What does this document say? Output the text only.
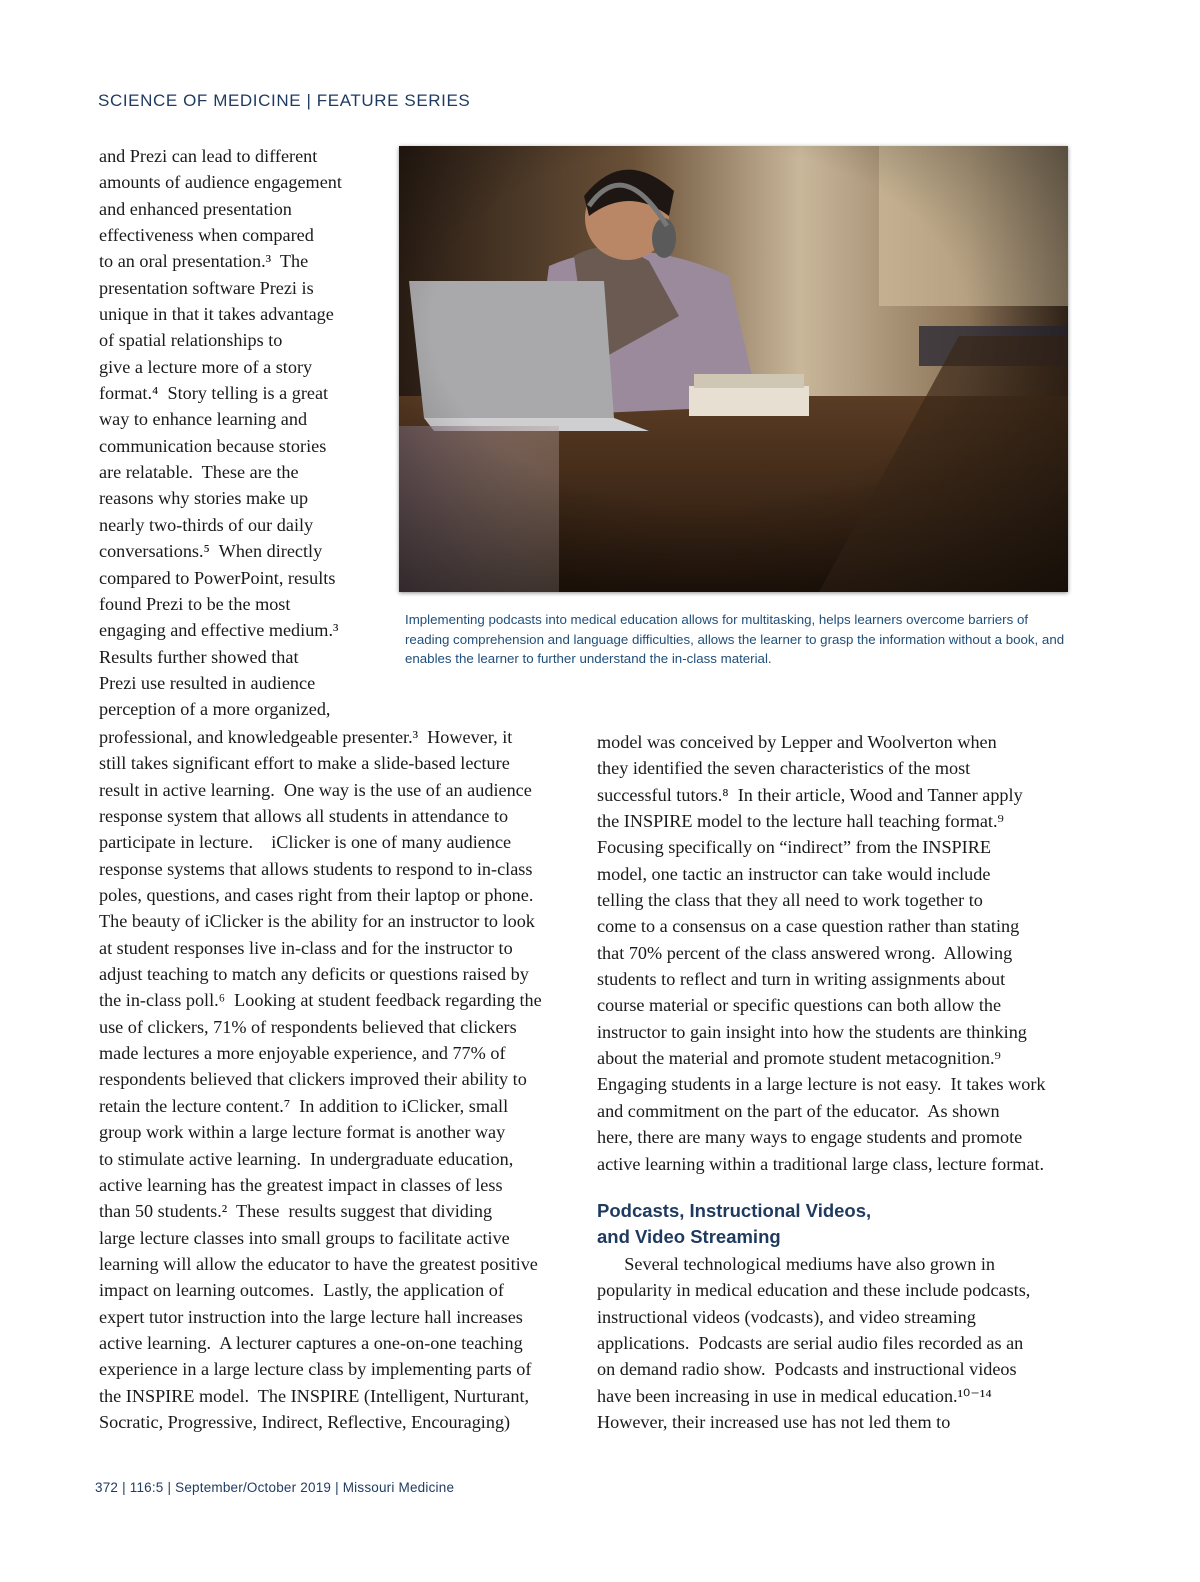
SCIENCE OF MEDICINE | FEATURE SERIES
and Prezi can lead to different
amounts of audience engagement
and enhanced presentation
effectiveness when compared
to an oral presentation.³  The
presentation software Prezi is
unique in that it takes advantage
of spatial relationships to
give a lecture more of a story
format.⁴  Story telling is a great
way to enhance learning and
communication because stories
are relatable.  These are the
reasons why stories make up
nearly two-thirds of our daily
conversations.⁵  When directly
compared to PowerPoint, results
found Prezi to be the most
engaging and effective medium.³
Results further showed that
Prezi use resulted in audience
perception of a more organized,
Implementing podcasts into medical education allows for multitasking, helps learners overcome barriers of reading comprehension and language difficulties, allows the learner to grasp the information without a book, and enables the learner to further understand the in-class material.
professional, and knowledgeable presenter.³  However, it
still takes significant effort to make a slide-based lecture
result in active learning.  One way is the use of an audience
response system that allows all students in attendance to
participate in lecture.    iClicker is one of many audience
response systems that allows students to respond to in-class
poles, questions, and cases right from their laptop or phone.
The beauty of iClicker is the ability for an instructor to look
at student responses live in-class and for the instructor to
adjust teaching to match any deficits or questions raised by
the in-class poll.⁶  Looking at student feedback regarding the
use of clickers, 71% of respondents believed that clickers
made lectures a more enjoyable experience, and 77% of
respondents believed that clickers improved their ability to
retain the lecture content.⁷  In addition to iClicker, small
group work within a large lecture format is another way
to stimulate active learning.  In undergraduate education,
active learning has the greatest impact in classes of less
than 50 students.²  These  results suggest that dividing
large lecture classes into small groups to facilitate active
learning will allow the educator to have the greatest positive
impact on learning outcomes.  Lastly, the application of
expert tutor instruction into the large lecture hall increases
active learning.  A lecturer captures a one-on-one teaching
experience in a large lecture class by implementing parts of
the INSPIRE model.  The INSPIRE (Intelligent, Nurturant,
Socratic, Progressive, Indirect, Reflective, Encouraging)
model was conceived by Lepper and Woolverton when
they identified the seven characteristics of the most
successful tutors.⁸  In their article, Wood and Tanner apply
the INSPIRE model to the lecture hall teaching format.⁹
Focusing specifically on “indirect” from the INSPIRE
model, one tactic an instructor can take would include
telling the class that they all need to work together to
come to a consensus on a case question rather than stating
that 70% percent of the class answered wrong.  Allowing
students to reflect and turn in writing assignments about
course material or specific questions can both allow the
instructor to gain insight into how the students are thinking
about the material and promote student metacognition.⁹
Engaging students in a large lecture is not easy.  It takes work
and commitment on the part of the educator.  As shown
here, there are many ways to engage students and promote
active learning within a traditional large class, lecture format.
Podcasts, Instructional Videos,
and Video Streaming
Several technological mediums have also grown in
popularity in medical education and these include podcasts,
instructional videos (vodcasts), and video streaming
applications.  Podcasts are serial audio files recorded as an
on demand radio show.  Podcasts and instructional videos
have been increasing in use in medical education.¹⁰⁻¹⁴
However, their increased use has not led them to
372 | 116:5 | September/October 2019 | Missouri Medicine
